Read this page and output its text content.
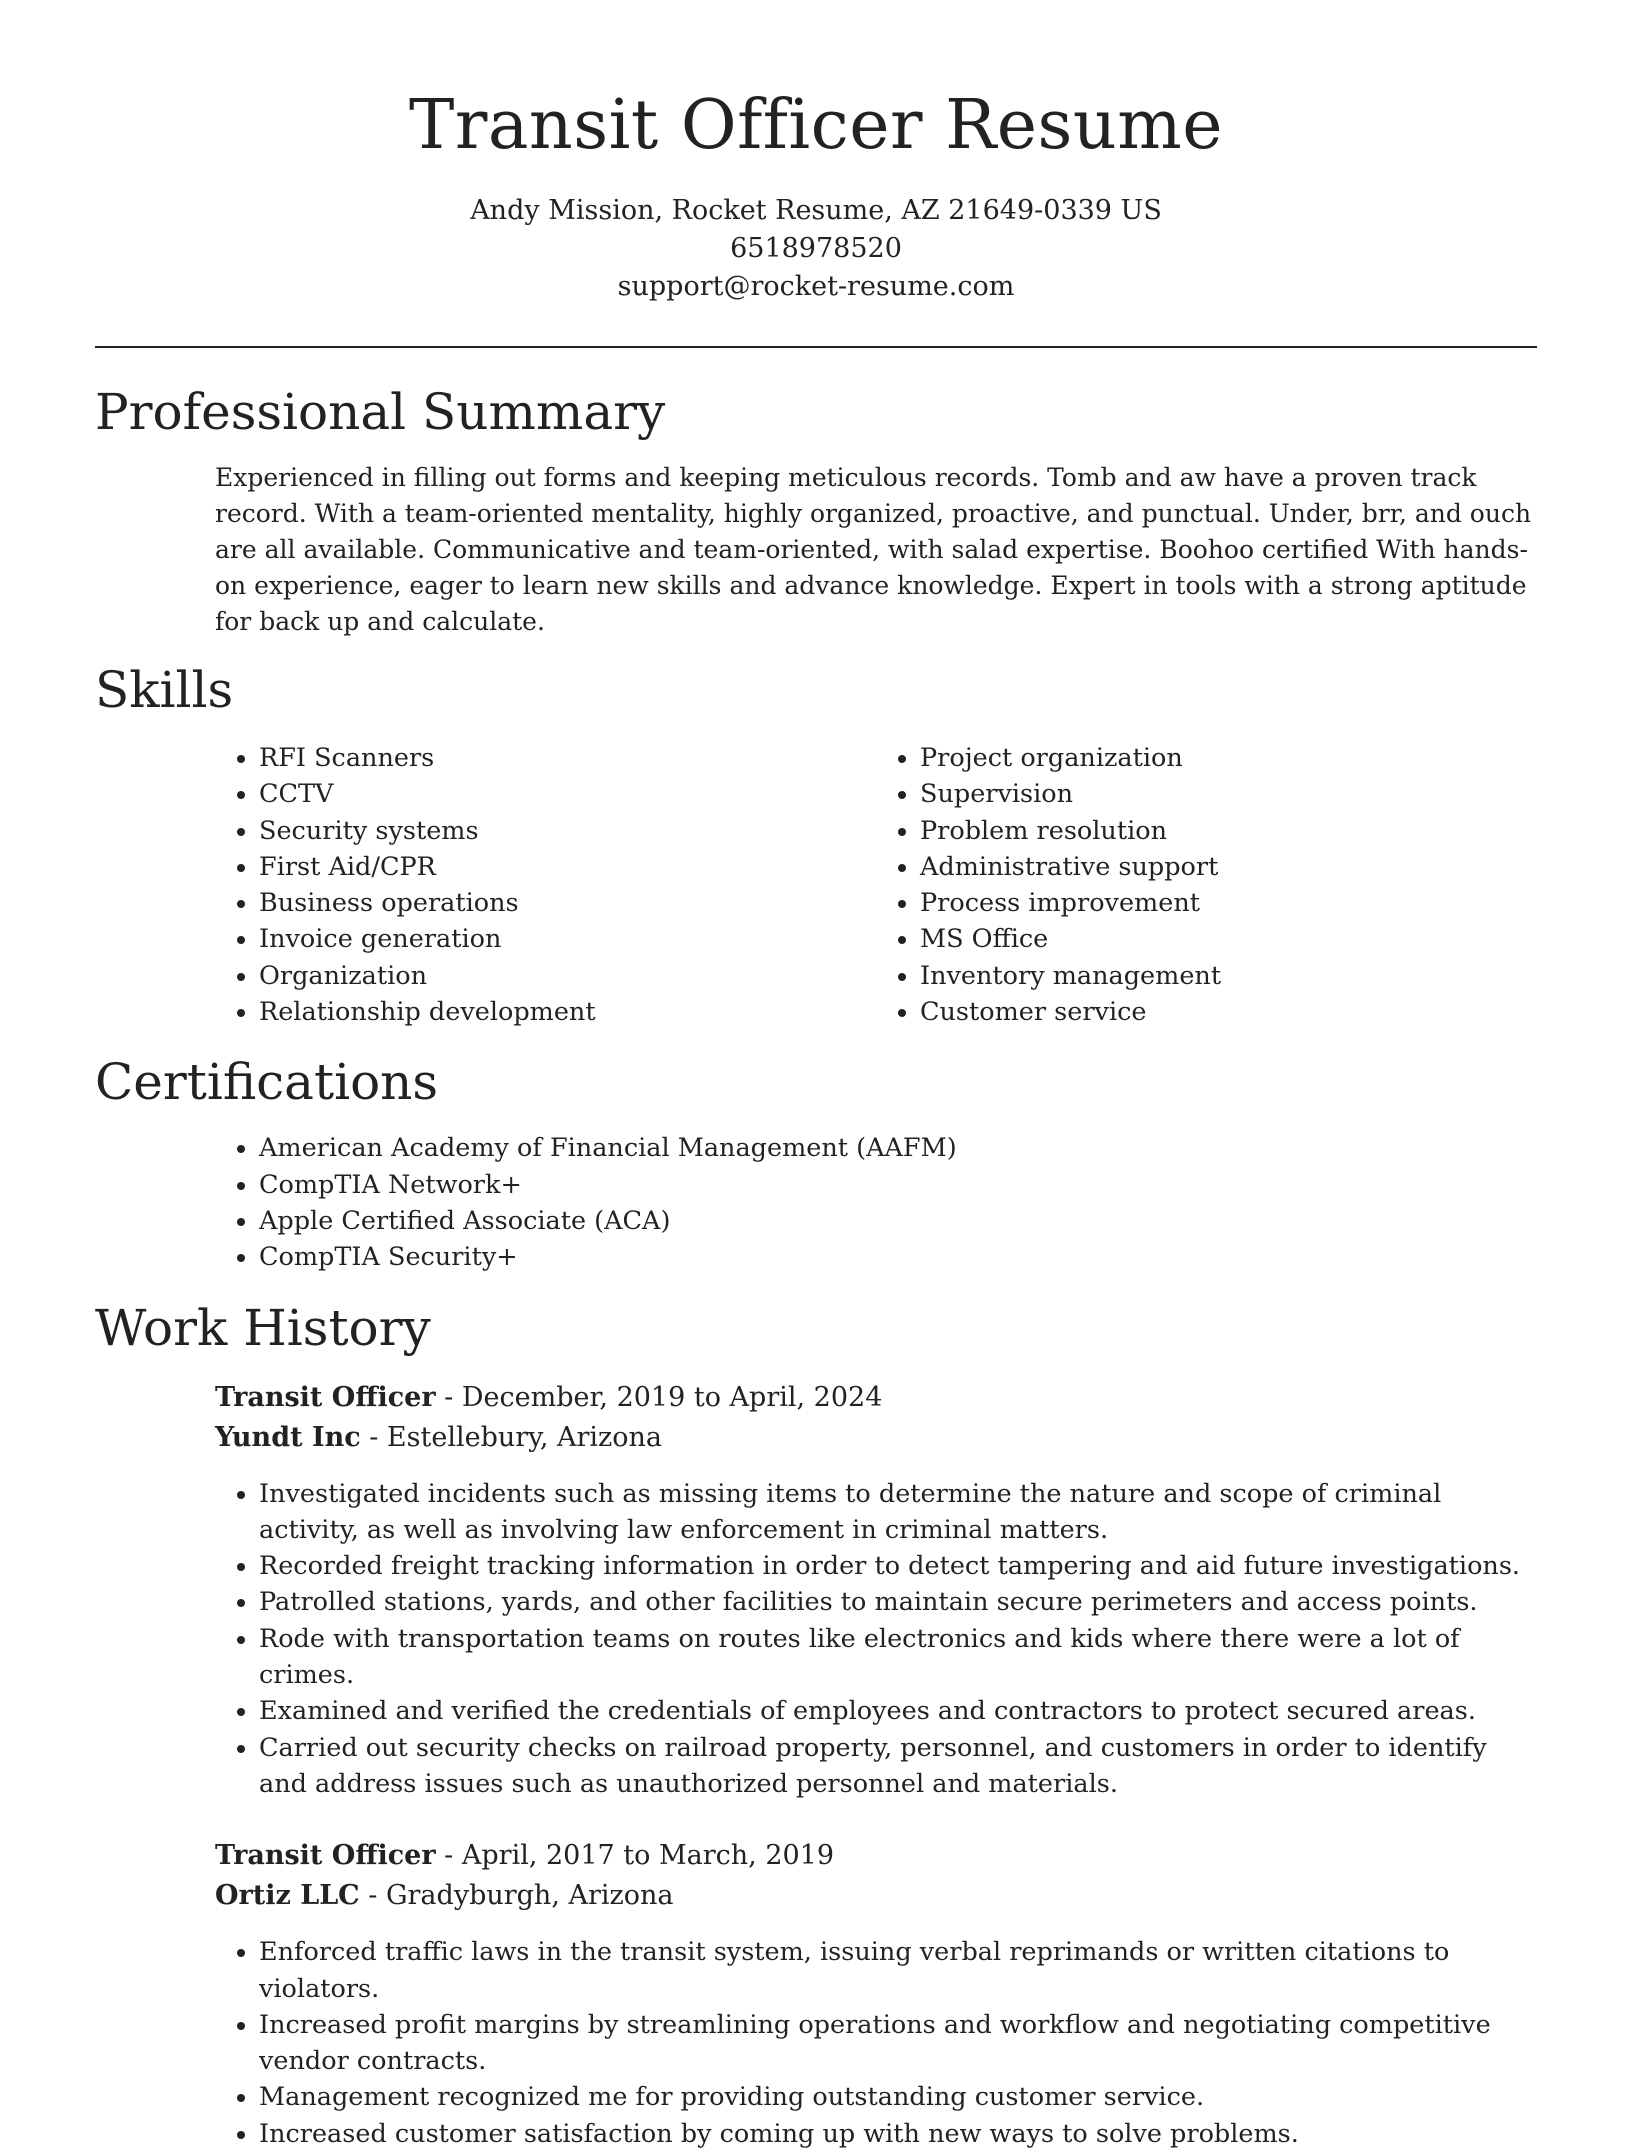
Transit Officer Resume
Andy Mission, Rocket Resume, AZ 21649-0339 US
6518978520
support@rocket-resume.com
Professional Summary

Experienced in filling out forms and keeping meticulous records. Tomb and aw have a proven track record. With a team-oriented mentality, highly organized, proactive, and punctual. Under, brr, and ouch are all available. Communicative and team-oriented, with salad expertise. Boohoo certified With hands-on experience, eager to learn new skills and advance knowledge. Expert in tools with a strong aptitude for back up and calculate.

Skills
• RFI Scanners
• CCTV
• Security systems
• First Aid/CPR
• Business operations
• Invoice generation
• Organization
• Relationship development
• Project organization
• Supervision
• Problem resolution
• Administrative support
• Process improvement
• MS Office
• Inventory management
• Customer service
Certifications
• American Academy of Financial Management (AAFM)
• CompTIA Network+
• Apple Certified Associate (ACA)
• CompTIA Security+
Work History
Transit Officer - December, 2019 to April, 2024
Yundt Inc - Estellebury, Arizona
• Investigated incidents such as missing items to determine the nature and scope of criminal activity, as well as involving law enforcement in criminal matters.
• Recorded freight tracking information in order to detect tampering and aid future investigations.
• Patrolled stations, yards, and other facilities to maintain secure perimeters and access points.
• Rode with transportation teams on routes like electronics and kids where there were a lot of crimes.
• Examined and verified the credentials of employees and contractors to protect secured areas.
• Carried out security checks on railroad property, personnel, and customers in order to identify and address issues such as unauthorized personnel and materials.
Transit Officer - April, 2017 to March, 2019
Ortiz LLC - Gradyburgh, Arizona
• Enforced traffic laws in the transit system, issuing verbal reprimands or written citations to violators.
• Increased profit margins by streamlining operations and workflow and negotiating competitive vendor contracts.
• Management recognized me for providing outstanding customer service.
• Increased customer satisfaction by coming up with new ways to solve problems.
